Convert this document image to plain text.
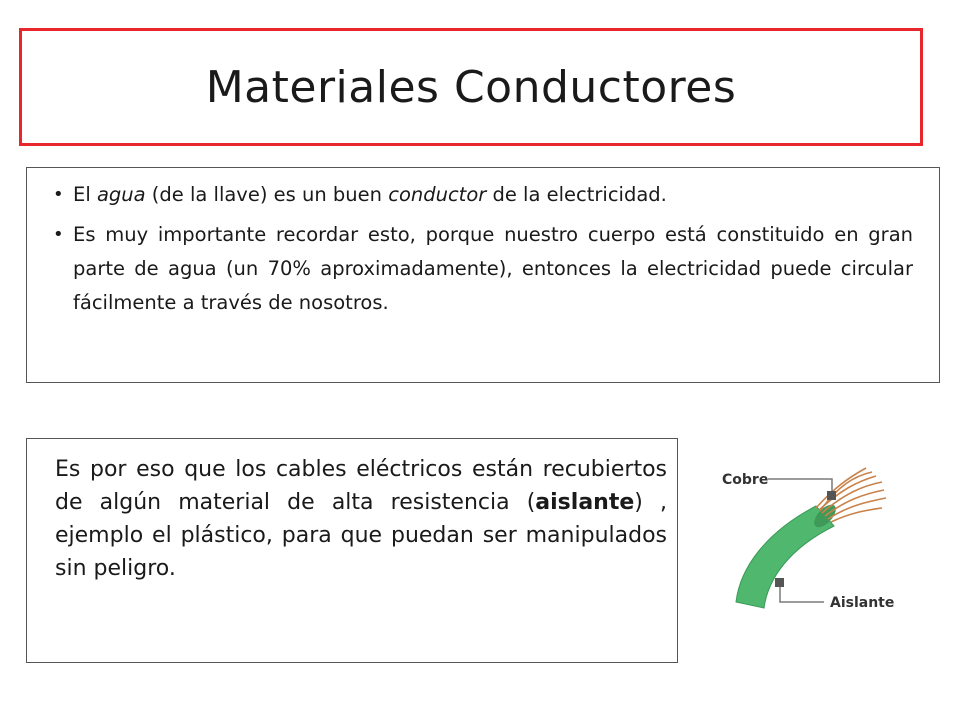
Materiales Conductores
• El agua (de la llave) es un buen conductor de la electricidad.
• Es muy importante recordar esto, porque nuestro cuerpo está constituido en gran parte de agua (un 70% aproximadamente), entonces la electricidad puede circular fácilmente a través de nosotros.

Es por eso que los cables eléctricos están recubiertos de algún material de alta resistencia (aislante) , ejemplo el plástico, para que puedan ser manipulados sin peligro.

Cobre
Aislante
